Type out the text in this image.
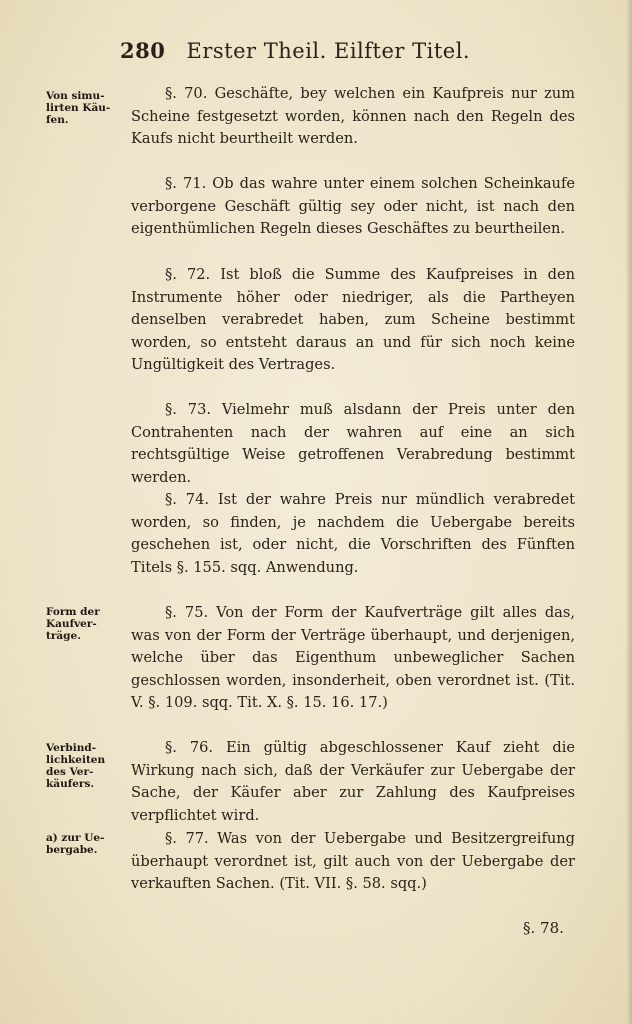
280 Erster Theil. Eilfter Titel.
Von simu-lirten Käu-fen.
Form der Kaufver-träge.
Verbind-lichkeiten des Ver-käufers.
a) zur Ue-bergabe.

§. 70. Geschäfte, bey welchen ein Kaufpreis nur zum Scheine festgesetzt worden, können nach den Regeln des Kaufs nicht beurtheilt werden.

§. 71. Ob das wahre unter einem solchen Scheinkaufe verborgene Geschäft gültig sey oder nicht, ist nach den eigenthümlichen Regeln dieses Geschäftes zu beurtheilen.

§. 72. Ist bloß die Summe des Kaufpreises in den Instrumente höher oder niedriger, als die Partheyen denselben verabredet haben, zum Scheine bestimmt worden, so entsteht daraus an und für sich noch keine Ungültigkeit des Vertrages.

§. 73. Vielmehr muß alsdann der Preis unter den Contrahenten nach der wahren auf eine an sich rechtsgültige Weise getroffenen Verabredung bestimmt werden.

§. 74. Ist der wahre Preis nur mündlich verabredet worden, so finden, je nachdem die Uebergabe bereits geschehen ist, oder nicht, die Vorschriften des Fünften Titels §. 155. sqq. Anwendung.

§. 75. Von der Form der Kaufverträge gilt alles das, was von der Form der Verträge überhaupt, und derjenigen, welche über das Eigenthum unbeweglicher Sachen geschlossen worden, insonderheit, oben verordnet ist. (Tit. V. §. 109. sqq. Tit. X. §. 15. 16. 17.)

§. 76. Ein gültig abgeschlossener Kauf zieht die Wirkung nach sich, daß der Verkäufer zur Uebergabe der Sache, der Käufer aber zur Zahlung des Kaufpreises verpflichtet wird.

§. 77. Was von der Uebergabe und Besitzergreifung überhaupt verordnet ist, gilt auch von der Uebergabe der verkauften Sachen. (Tit. VII. §. 58. sqq.)

§. 78.
